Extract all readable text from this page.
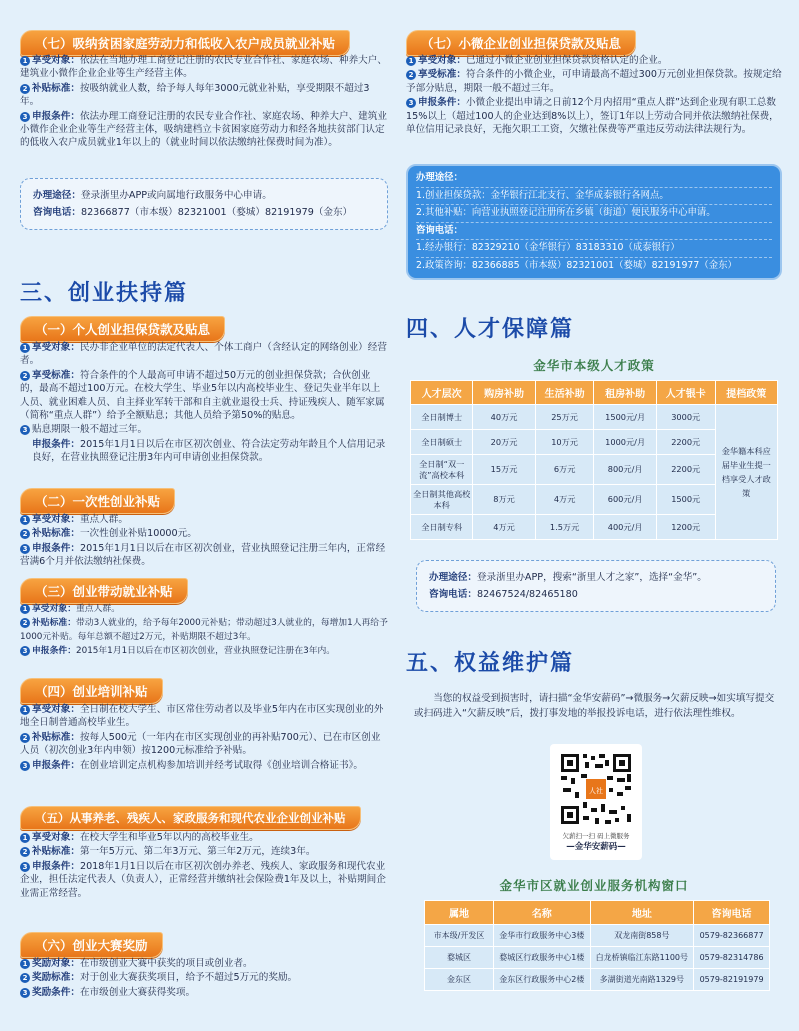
（七）吸纳贫困家庭劳动力和低收入农户成员就业补贴
1 享受对象：依法在当地办理工商登记注册的农民专业合作社、家庭农场、种养大户、建筑业小微作企业企业等生产经营主体。
2 补贴标准：按吸纳就业人数，给予每人每年3000元就业补贴，享受期限不超过3年。
3 申报条件：依法办理工商登记注册的农民专业合作社、家庭农场、种养大户、建筑业小微作企业企业等生产经营主体，吸纳建档立卡贫困家庭劳动力和经各地扶贫部门认定的低收入农户成员就业1年以上的（就业时间以依法缴纳社保费时间为准）。
办理途径：登录浙里办APP或向属地行政服务中心申请。
咨询电话：82366877（市本级）82321001（婺城）82191979（金东）
三、创业扶持篇
（一）个人创业担保贷款及贴息
1 享受对象：民办非企业单位的法定代表人、个体工商户（含经认定的网络创业）经营者。
2 享受标准：符合条件的个人最高可申请不超过50万元的创业担保贷款；合伙创业的，最高不超过100万元。在校大学生、毕业5年以内高校毕业生、登记失业半年以上人员、就业困难人员、自主择业军转干部和自主就业退役士兵、持证残疾人、随军家属（简称“重点人群”）给予全额贴息；其他人员给予第50%的贴息。
3 贴息期限一般不超过三年。
申报条件：2015年1月1日以后在市区初次创业、符合法定劳动年龄且个人信用记录良好，在营业执照登记注册3年内可申请创业担保贷款。
（二）一次性创业补贴
1 享受对象：重点人群。
2 补贴标准：一次性创业补贴10000元。
3 申报条件：2015年1月1日以后在市区初次创业，营业执照登记注册三年内，正常经营满6个月并依法缴纳社保费。
（三）创业带动就业补贴
1 享受对象：重点人群。
2 补贴标准：带动3人就业的，给予每年2000元补贴；带动超过3人就业的，每增加1人再给予1000元补贴。每年总额不超过2万元，补贴期限不超过3年。
3 申报条件：2015年1月1日以后在市区初次创业，营业执照登记注册在3年内。
（四）创业培训补贴
1 享受对象：全日制在校大学生、市区常住劳动者以及毕业5年内在市区实现创业的外地全日制普通高校毕业生。
2 补贴标准：按每人500元（一年内在市区实现创业的再补贴700元）、已在市区创业人员（初次创业3年内申领）按1200元标准给予补贴。
3 申报条件：在创业培训定点机构参加培训并经考试取得《创业培训合格证书》。
（五）从事养老、残疾人、家政服务和现代农业企业创业补贴
1 享受对象：在校大学生和毕业5年以内的高校毕业生。
2 补贴标准：第一年5万元、第二年3万元、第三年2万元，连续3年。
3 申报条件：2018年1月1日以后在市区初次创办养老、残疾人、家政服务和现代农业企业，担任法定代表人（负责人），正常经营并缴纳社会保险费1年及以上，补贴期间企业需正常经营。
（六）创业大赛奖励
1 奖励对象：在市级创业大赛中获奖的项目或创业者。
2 奖励标准：对于创业大赛获奖项目，给予不超过5万元的奖励。
3 奖励条件：在市级创业大赛获得奖项。
（七）小微企业创业担保贷款及贴息
1 享受对象：已通过小微企业创业担保贷款资格认定的企业。
2 享受标准：符合条件的小微企业，可申请最高不超过300万元创业担保贷款。按规定给予部分贴息，期限一般不超过三年。
3 申报条件：小微企业提出申请之日前12个月内招用“重点人群”达到企业现有职工总数15%以上（超过100人的企业达到8%以上），签订1年以上劳动合同并依法缴纳社保费，单位信用记录良好，无拖欠职工工资，欠缴社保费等严重违反劳动法律法规行为。
办理途径：
1.创业担保贷款：金华银行江北支行、金华成泰银行各网点。
2.其他补贴：向营业执照登记注册所在乡镇（街道）便民服务中心申请。
咨询电话：
1.经办银行：82329210（金华银行）83183310（成泰银行）
2.政策咨询：82366885（市本级）82321001（婺城）82191977（金东）
四、人才保障篇
金华市本级人才政策
人才层次	购房补助	生活补助	租房补助	人才银卡	提档政策
全日制博士	40万元	25万元	1500元/月	3000元	金华籍本科应届毕业生提一档享受人才政策
全日制硕士	20万元	10万元	1000元/月	2200元	
全日制“双一流”高校本科	15万元	6万元	800元/月	2200元	
全日制其他高校本科	8万元	4万元	600元/月	1500元	
全日制专科	4万元	1.5万元	400元/月	1200元	
办理途径：登录浙里办APP，搜索“浙里人才之家”，选择“金华”。
咨询电话：82467524/82465180
五、权益维护篇
当您的权益受到损害时，请扫描“金华安薪码”→微服务→欠薪反映→如实填写提交或扫码进入“欠薪反映”后，拨打事发地的举报投诉电话，进行依法理性维权。
人社
欠薪扫一扫 码上微服务
—金华安薪码—
金华市区就业创业服务机构窗口
属地	名称	地址	咨询电话
市本级/开发区	金华市行政服务中心3楼	双龙南街858号	0579-82366877
婺城区	婺城区行政服务中心1楼	白龙桥镇临江东路1100号	0579-82314786
金东区	金东区行政服务中心2楼	多湖街道光南路1329号	0579-82191979
